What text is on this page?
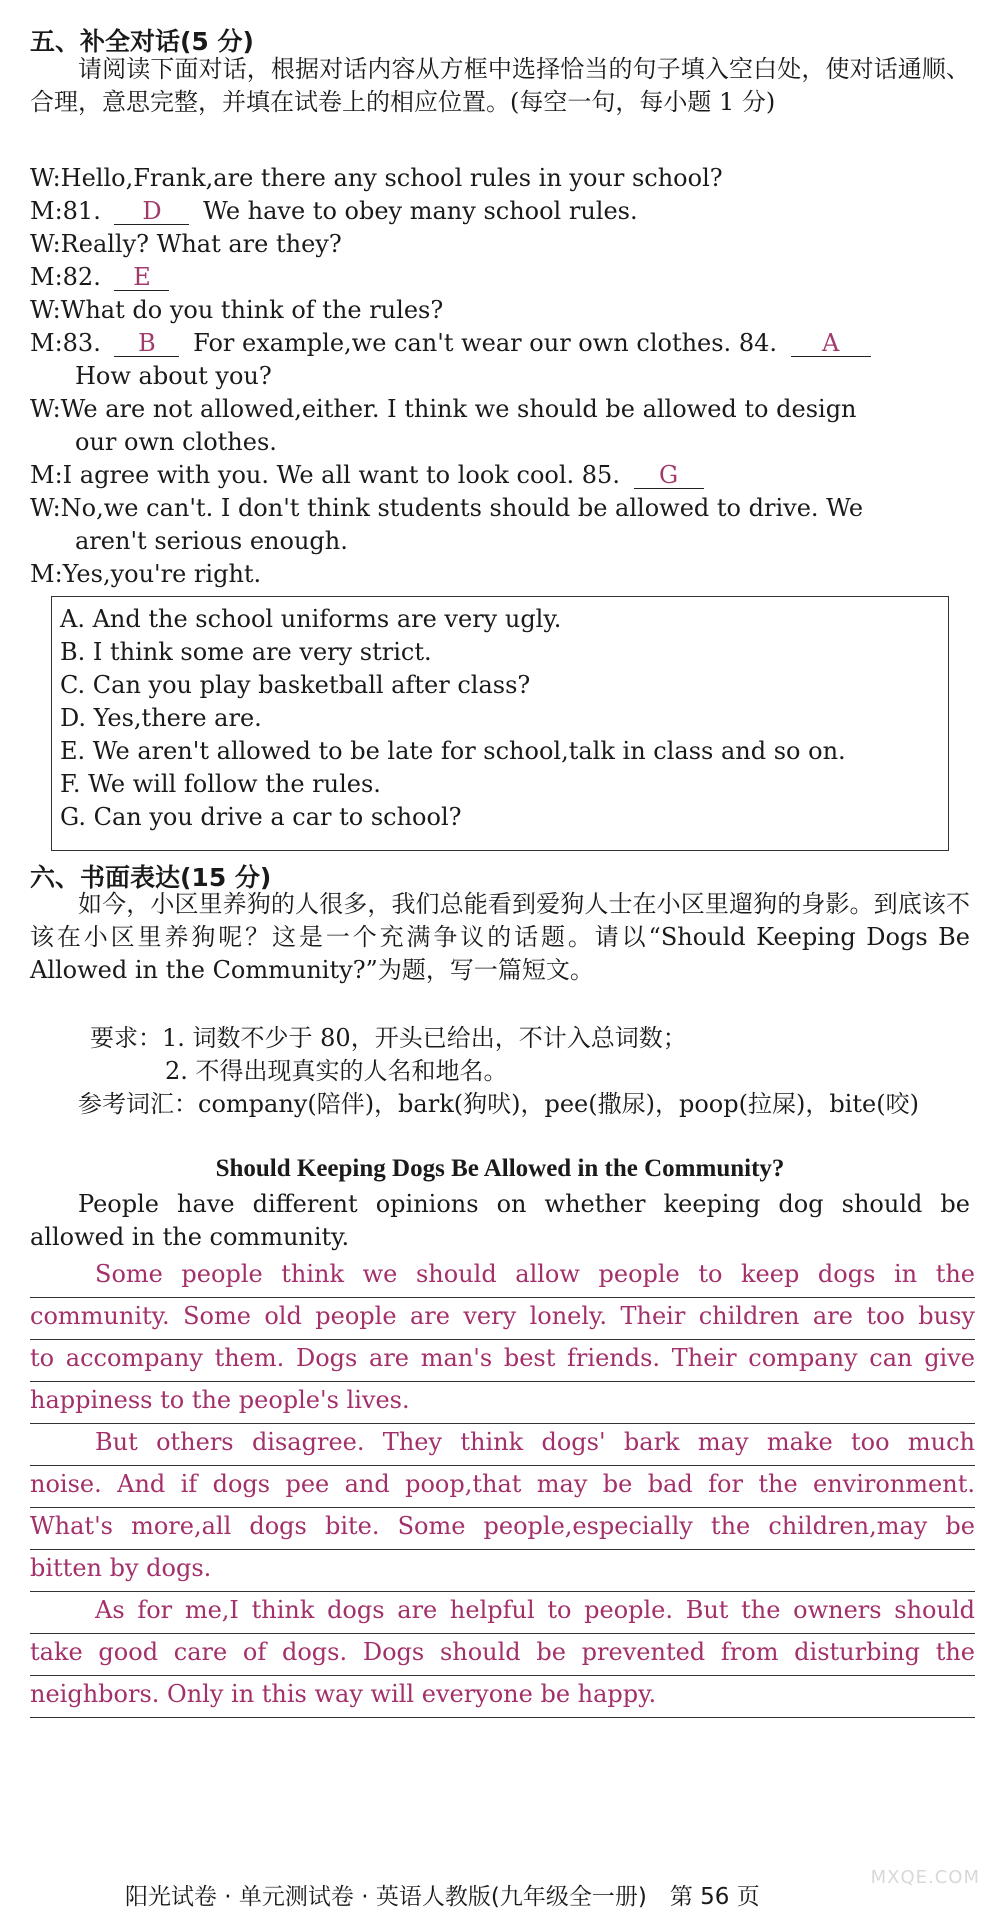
五、补全对话(5 分)
请阅读下面对话，根据对话内容从方框中选择恰当的句子填入空白处，使对话通顺、合理，意思完整，并填在试卷上的相应位置。(每空一句，每小题 1 分)
W:Hello,Frank,are there any school rules in your school?
M:81. D We have to obey many school rules.
W:Really? What are they?
M:82. E
W:What do you think of the rules?
M:83. B For example,we can't wear our own clothes. 84. A
How about you?
W:We are not allowed,either. I think we should be allowed to design
our own clothes.
M:I agree with you. We all want to look cool. 85. G
W:No,we can't. I don't think students should be allowed to drive. We
aren't serious enough.
M:Yes,you're right.
A. And the school uniforms are very ugly.
B. I think some are very strict.
C. Can you play basketball after class?
D. Yes,there are.
E. We aren't allowed to be late for school,talk in class and so on.
F. We will follow the rules.
G. Can you drive a car to school?
六、书面表达(15 分)
如今，小区里养狗的人很多，我们总能看到爱狗人士在小区里遛狗的身影。到底该不该在小区里养狗呢？这是一个充满争议的话题。请以“Should Keeping Dogs Be Allowed in the Community?”为题，写一篇短文。
要求：1. 词数不少于 80，开头已给出，不计入总词数；
2. 不得出现真实的人名和地名。
参考词汇：company(陪伴)，bark(狗吠)，pee(撒尿)，poop(拉屎)，bite(咬)
Should Keeping Dogs Be Allowed in the Community?
People have different opinions on whether keeping dog should be allowed in the community.
Some people think we should allow people to keep dogs in the
community. Some old people are very lonely. Their children are too busy
to accompany them. Dogs are man's best friends. Their company can give
happiness to the people's lives.
But others disagree. They think dogs' bark may make too much
noise. And if dogs pee and poop,that may be bad for the environment.
What's more,all dogs bite. Some people,especially the children,may be
bitten by dogs.
As for me,I think dogs are helpful to people. But the owners should
take good care of dogs. Dogs should be prevented from disturbing the
neighbors. Only in this way will everyone be happy.
阳光试卷 · 单元测试卷 · 英语人教版(九年级全一册)　第 56 页
MXQE.COM
